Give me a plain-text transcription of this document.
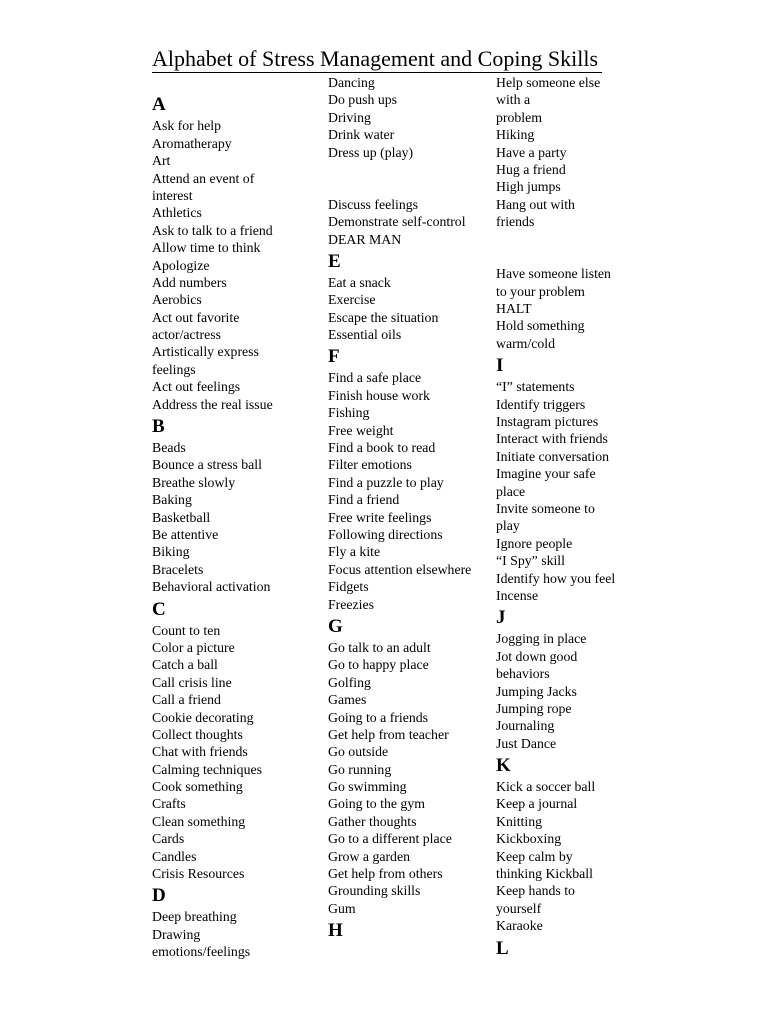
Alphabet of Stress Management and Coping Skills
A
Ask for help
Aromatherapy
Art
Attend an event of
interest
Athletics
Ask to talk to a friend
Allow time to think
Apologize
Add numbers
Aerobics
Act out favorite
actor/actress
Artistically express
feelings
Act out feelings
Address the real issue
B
Beads
Bounce a stress ball
Breathe slowly
Baking
Basketball
Be attentive
Biking
Bracelets
Behavioral activation
C
Count to ten
Color a picture
Catch a ball
Call crisis line
Call a friend
Cookie decorating
Collect thoughts
Chat with friends
Calming techniques
Cook something
Crafts
Clean something
Cards
Candles
Crisis Resources
D
Deep breathing
Drawing
emotions/feelings
Dancing
Do push ups
Driving
Drink water
Dress up (play)
Discuss feelings
Demonstrate self-control
DEAR MAN
E
Eat a snack
Exercise
Escape the situation
Essential oils
F
Find a safe place
Finish house work
Fishing
Free weight
Find a book to read
Filter emotions
Find a puzzle to play
Find a friend
Free write feelings
Following directions
Fly a kite
Focus attention elsewhere
Fidgets
Freezies
G
Go talk to an adult
Go to happy place
Golfing
Games
Going to a friends
Get help from teacher
Go outside
Go running
Go swimming
Going to the gym
Gather thoughts
Go to a different place
Grow a garden
Get help from others
Grounding skills
Gum
H
Help someone else
with a
problem
Hiking
Have a party
Hug a friend
High jumps
Hang out with
friends
Have someone listen
to your problem
HALT
Hold something
warm/cold
I
“I” statements
Identify triggers
Instagram pictures
Interact with friends
Initiate conversation
Imagine your safe
place
Invite someone to
play
Ignore people
“I Spy” skill
Identify how you feel
Incense
J
Jogging in place
Jot down good
behaviors
Jumping Jacks
Jumping rope
Journaling
Just Dance
K
Kick a soccer ball
Keep a journal
Knitting
Kickboxing
Keep calm by
thinking Kickball
Keep hands to
yourself
Karaoke
L
